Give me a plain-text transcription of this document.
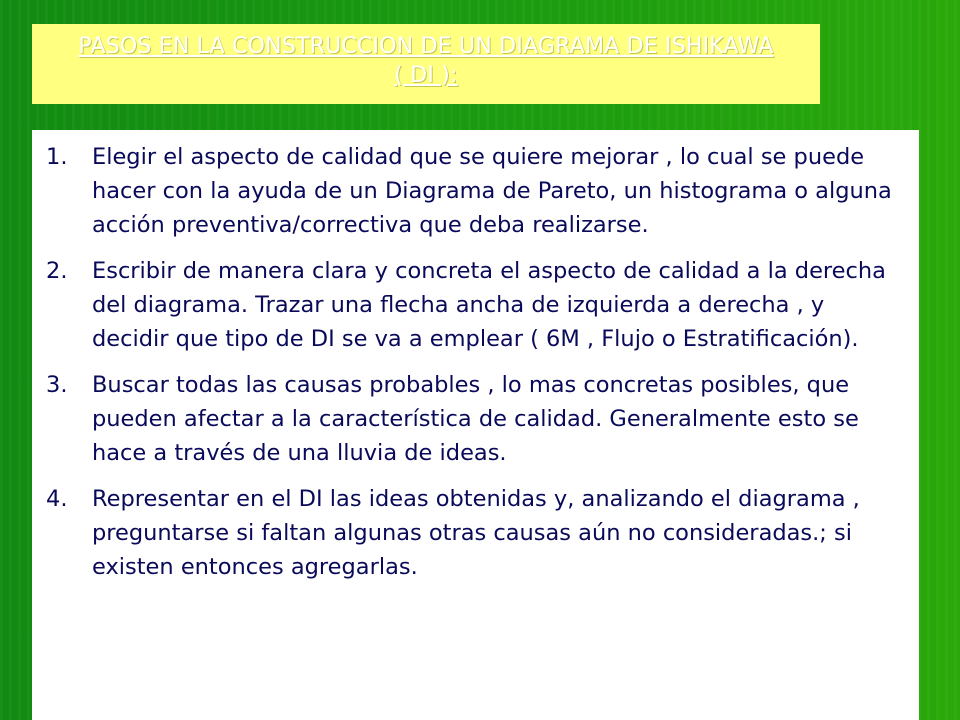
PASOS EN LA CONSTRUCCION DE UN DIAGRAMA DE ISHIKAWA ( DI ):
1. Elegir el aspecto de calidad que se quiere mejorar , lo cual se puede hacer con la ayuda de un Diagrama de Pareto, un histograma o alguna acción preventiva/correctiva que deba realizarse.
2. Escribir de manera clara y concreta el aspecto de calidad a la derecha del diagrama. Trazar una flecha ancha de izquierda a derecha , y decidir que tipo de DI se va a emplear ( 6M , Flujo o Estratificación).
3. Buscar todas las causas probables , lo mas concretas posibles, que pueden afectar a la característica de calidad. Generalmente esto se hace a través de una lluvia de ideas.
4. Representar en el DI las ideas obtenidas y, analizando el diagrama , preguntarse si faltan algunas otras causas aún no consideradas.; si existen entonces agregarlas.
